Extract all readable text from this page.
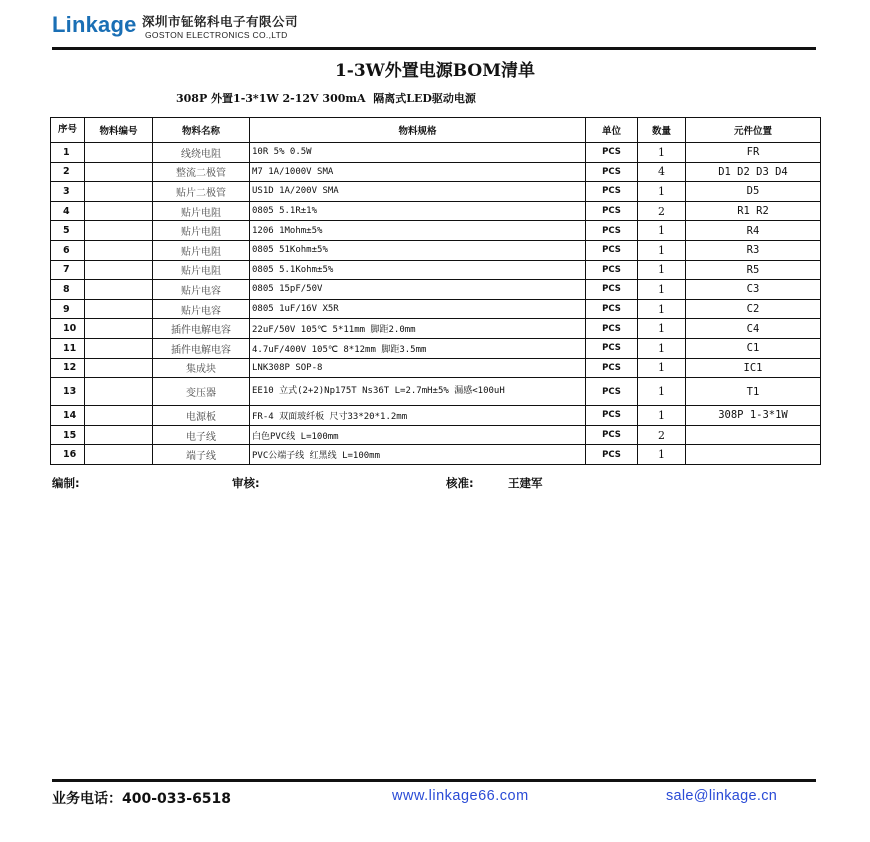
Linkage 深圳市钲铭科电子有限公司
GOSTON ELECTRONICS CO.,LTD
1-3W外置电源BOM清单
308P 外置1-3*1W 2-12V 300mA  隔离式LED驱动电源
序号	物料编号	物料名称	物料规格	单位	数量	元件位置
1		线绕电阻	10R 5% 0.5W	PCS	1	FR
2		整流二极管	M7 1A/1000V SMA	PCS	4	D1 D2 D3 D4
3		贴片二极管	US1D 1A/200V SMA	PCS	1	D5
4		贴片电阻	0805 5.1R±1%	PCS	2	R1 R2
5		贴片电阻	1206 1Mohm±5%	PCS	1	R4
6		贴片电阻	0805 51Kohm±5%	PCS	1	R3
7		贴片电阻	0805 5.1Kohm±5%	PCS	1	R5
8		贴片电容	0805 15pF/50V	PCS	1	C3
9		贴片电容	0805 1uF/16V X5R	PCS	1	C2
10		插件电解电容	22uF/50V 105℃ 5*11mm 脚距2.0mm	PCS	1	C4
11		插件电解电容	4.7uF/400V 105℃ 8*12mm 脚距3.5mm	PCS	1	C1
12		集成块	LNK308P SOP-8	PCS	1	IC1
13		变压器	EE10 立式(2+2)Np175T Ns36T L=2.7mH±5% 漏感<100uH	PCS	1	T1
14		电源板	FR-4 双面玻纤板 尺寸33*20*1.2mm	PCS	1	308P 1-3*1W
15		电子线	白色PVC线 L=100mm	PCS	2	
16		端子线	PVC公端子线 红黑线 L=100mm	PCS	1	
编制:	审核:	核准:	王建军
业务电话：400-033-6518	www.linkage66.com	sale@linkage.cn
